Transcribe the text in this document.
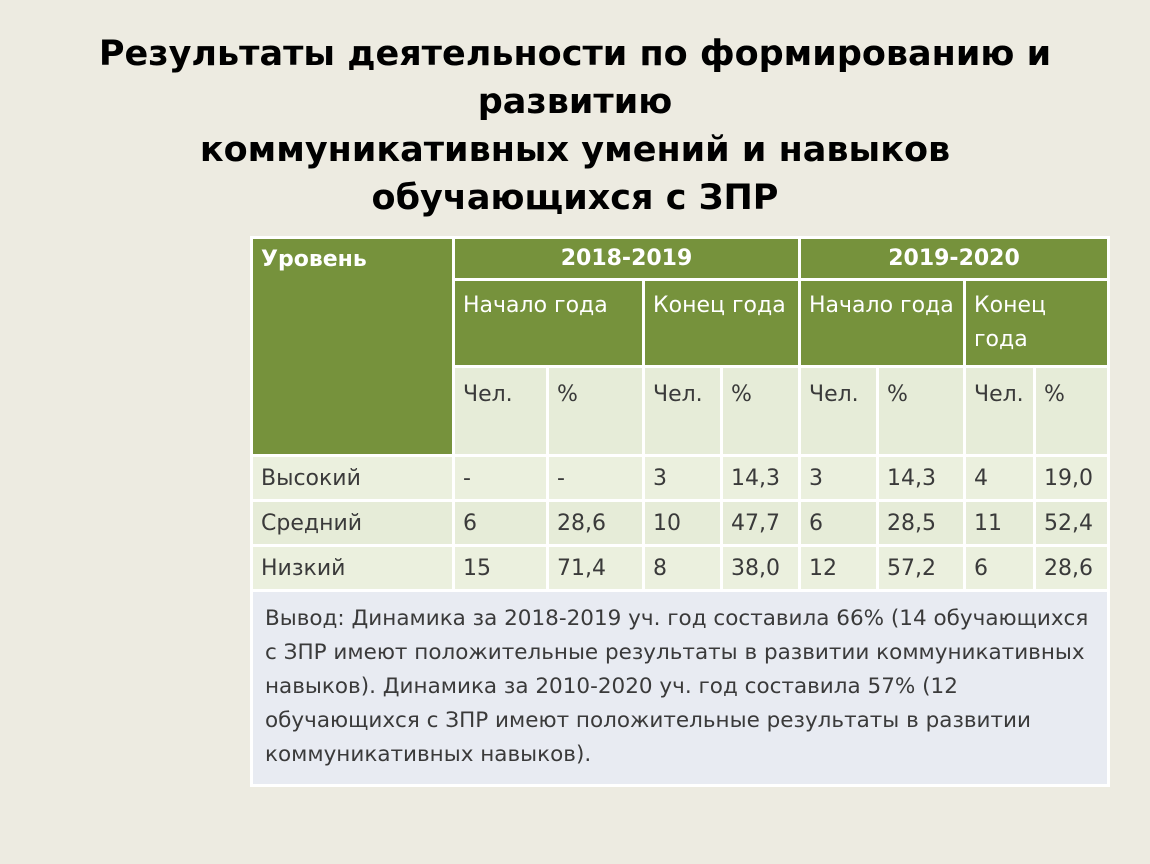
Результаты деятельности по формированию и
развитию
коммуникативных умений и навыков
обучающихся с ЗПР
Уровень	2018-2019				2019-2020			
	Начало года		Конец года		Начало года		Конец года	
	Чел.	%	Чел.	%	Чел.	%	Чел.	%
Высокий	-	-	3	14,3	3	14,3	4	19,0
Средний	6	28,6	10	47,7	6	28,5	11	52,4
Низкий	15	71,4	8	38,0	12	57,2	6	28,6
Вывод: Динамика за 2018-2019 уч. год составила 66% (14 обучающихся с ЗПР имеют положительные результаты в развитии коммуникативных навыков). Динамика за 2010-2020 уч. год составила 57% (12 обучающихся с ЗПР имеют положительные результаты в развитии коммуникативных навыков).								
